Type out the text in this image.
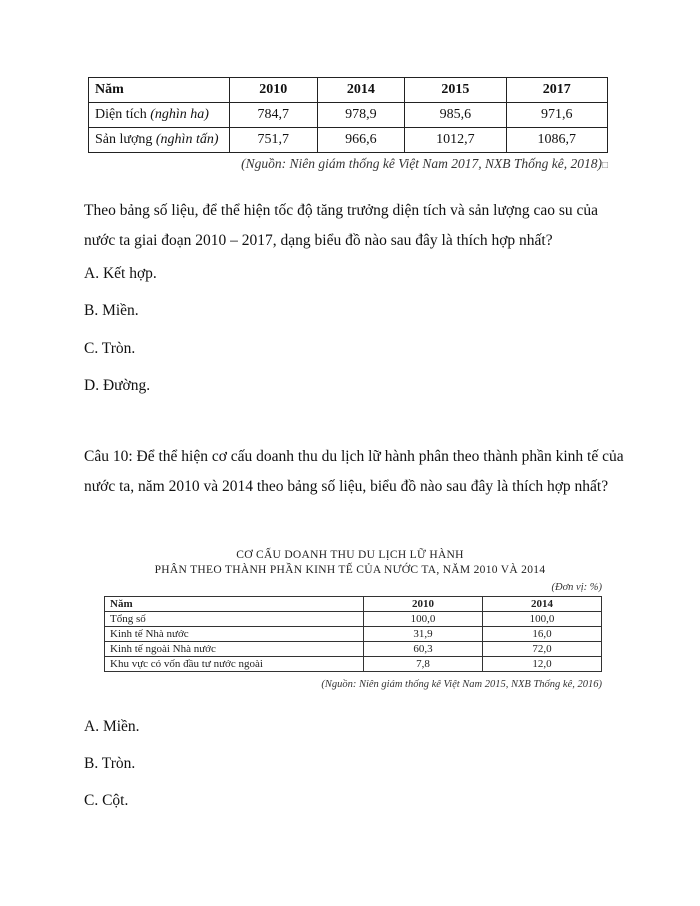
Năm	2010	2014	2015	2017
Diện tích (nghìn ha)	784,7	978,9	985,6	971,6
Sản lượng (nghìn tấn)	751,7	966,6	1012,7	1086,7
(Nguồn: Niên giám thống kê Việt Nam 2017, NXB Thống kê, 2018)□

Theo bảng số liệu, để thể hiện tốc độ tăng trưởng diện tích và sản lượng cao su của nước ta giai đoạn 2010 – 2017, dạng biểu đồ nào sau đây là thích hợp nhất?

A. Kết hợp.

B. Miền.

C. Tròn.

D. Đường.

Câu 10: Để thể hiện cơ cấu doanh thu du lịch lữ hành phân theo thành phần kinh tế của nước ta, năm 2010 và 2014 theo bảng số liệu, biểu đồ nào sau đây là thích hợp nhất?

CƠ CẤU DOANH THU DU LỊCH LỮ HÀNH

PHÂN THEO THÀNH PHẦN KINH TẾ CỦA NƯỚC TA, NĂM 2010 VÀ 2014

(Đơn vị: %)
Năm	2010	2014
Tổng số	100,0	100,0
Kinh tế Nhà nước	31,9	16,0
Kinh tế ngoài Nhà nước	60,3	72,0
Khu vực có vốn đầu tư nước ngoài	7,8	12,0
(Nguồn: Niên giám thống kê Việt Nam 2015, NXB Thống kê, 2016)

A. Miền.

B. Tròn.

C. Cột.
